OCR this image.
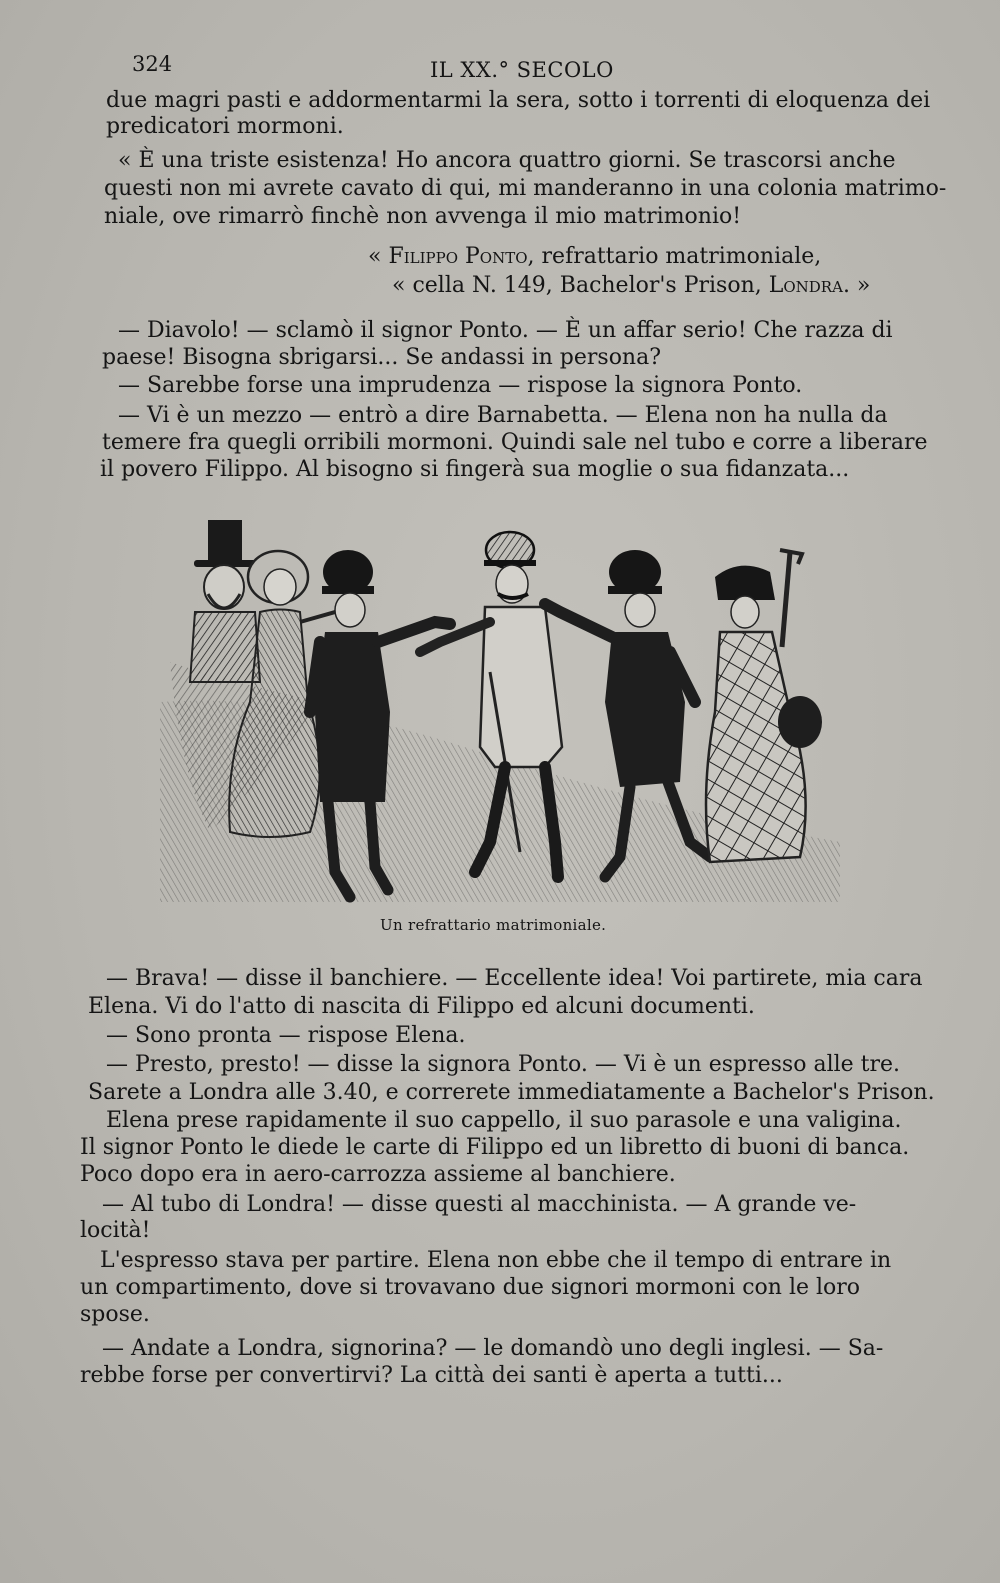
324	IL XX.° SECOLO
due magri pasti e addormentarmi la sera, sotto i torrenti di eloquenza dei
predicatori mormoni.
« È una triste esistenza! Ho ancora quattro giorni. Se trascorsi anche
questi non mi avrete cavato di qui, mi manderanno in una colonia matrimo-
niale, ove rimarrò finchè non avvenga il mio matrimonio!
« Filippo Ponto, refrattario matrimoniale,
« cella N. 149, Bachelor's Prison, Londra. »
— Diavolo! — sclamò il signor Ponto. — È un affar serio! Che razza di
paese! Bisogna sbrigarsi... Se andassi in persona?
— Sarebbe forse una imprudenza — rispose la signora Ponto.
— Vi è un mezzo — entrò a dire Barnabetta. — Elena non ha nulla da
temere fra quegli orribili mormoni. Quindi sale nel tubo e corre a liberare
il povero Filippo. Al bisogno si fingerà sua moglie o sua fidanzata...
Un refrattario matrimoniale.
— Brava! — disse il banchiere. — Eccellente idea! Voi partirete, mia cara
Elena. Vi do l'atto di nascita di Filippo ed alcuni documenti.
— Sono pronta — rispose Elena.
— Presto, presto! — disse la signora Ponto. — Vi è un espresso alle tre.
Sarete a Londra alle 3.40, e correrete immediatamente a Bachelor's Prison.
Elena prese rapidamente il suo cappello, il suo parasole e una valigina.
Il signor Ponto le diede le carte di Filippo ed un libretto di buoni di banca.
Poco dopo era in aero-carrozza assieme al banchiere.
— Al tubo di Londra! — disse questi al macchinista. — A grande ve-
locità!
L'espresso stava per partire. Elena non ebbe che il tempo di entrare in
un compartimento, dove si trovavano due signori mormoni con le loro
spose.
— Andate a Londra, signorina? — le domandò uno degli inglesi. — Sa-
rebbe forse per convertirvi? La città dei santi è aperta a tutti...
